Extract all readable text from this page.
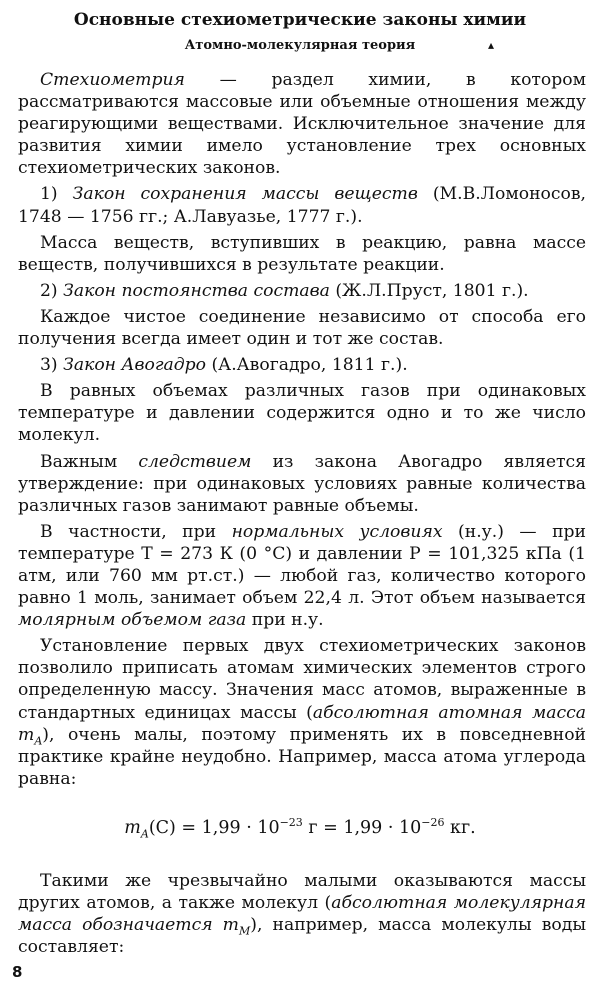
Основные стехиометрические законы химии
Атомно-молекулярная теория	▴

Стехиометрия — раздел химии, в котором рассматриваются массовые или объемные отношения между реагирующими веществами. Исключительное значение для развития химии имело установление трех основных стехиометрических законов.

1) Закон сохранения массы веществ (М.В.Ломоносов, 1748 — 1756 гг.; А.Лавуазье, 1777 г.).

Масса веществ, вступивших в реакцию, равна массе веществ, получившихся в результате реакции.

2) Закон постоянства состава (Ж.Л.Пруст, 1801 г.).

Каждое чистое соединение независимо от способа его получения всегда имеет один и тот же состав.

3) Закон Авогадро (А.Авогадро, 1811 г.).

В равных объемах различных газов при одинаковых температуре и давлении содержится одно и то же число молекул.

Важным следствием из закона Авогадро является утверждение: при одинаковых условиях равные количества различных газов занимают равные объемы.

В частности, при нормальных условиях (н.у.) — при температуре Т = 273 К (0 °С) и давлении Р = 101,325 кПа (1 атм, или 760 мм рт.ст.) — любой газ, количество которого равно 1 моль, занимает объем 22,4 л. Этот объем называется молярным объемом газа при н.у.

Установление первых двух стехиометрических законов позволило приписать атомам химических элементов строго определенную массу. Значения масс атомов, выраженные в стандартных единицах массы (абсолютная атомная масса $m_A$), очень малы, поэтому применять их в повседневной практике крайне неудобно. Например, масса атома углерода равна:

$m_A(C) = 1,99 \cdot 10^{-23}$ $г = 1,99 \cdot 10^{-26}$ кг.

Такими же чрезвычайно малыми оказываются массы других атомов, а также молекул (абсолютная молекулярная масса обозначается $m_M$), например, масса молекулы воды составляет:

8
